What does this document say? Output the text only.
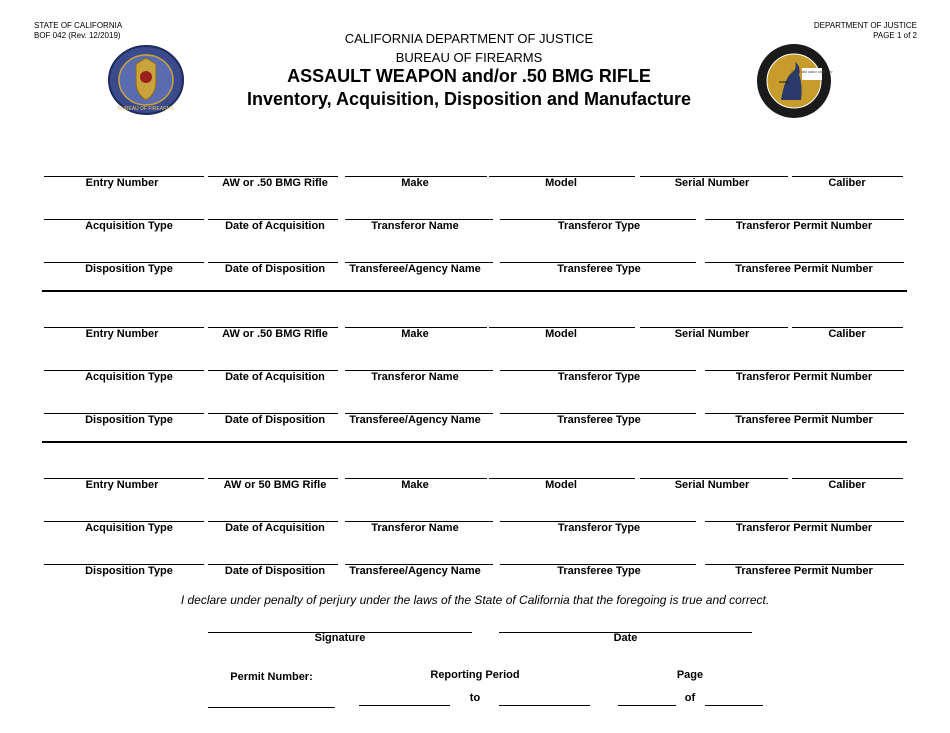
STATE OF CALIFORNIA
BOF 042 (Rev. 12/2019)
DEPARTMENT OF JUSTICE
PAGE 1 of 2
CALIFORNIA DEPARTMENT OF JUSTICE
BUREAU OF FIREARMS
ASSAULT WEAPON and/or .50 BMG RIFLE
Inventory, Acquisition, Disposition and Manufacture
BUREAU OF FIREARMS
liberty and justice under law
Entry Number	AW or .50 BMG Rifle	Make	Model	Serial Number	Caliber
Acquisition Type	Date of Acquisition	Transferor Name	Transferor Type	Transferor Permit Number
Disposition Type	Date of Disposition	Transferee/Agency Name	Transferee Type	Transferee Permit Number
Entry Number	AW or .50 BMG RIfle	Make	Model	Serial Number	Caliber
Acquisition Type	Date of Acquisition	Transferor Name	Transferor Type	Transferor Permit Number
Disposition Type	Date of Disposition	Transferee/Agency Name	Transferee Type	Transferee Permit Number
Entry Number	AW or 50 BMG Rifle	Make	Model	Serial Number	Caliber
Acquisition Type	Date of Acquisition	Transferor Name	Transferor Type	Transferor Permit Number
Disposition Type	Date of Disposition	Transferee/Agency Name	Transferee Type	Transferee Permit Number
I declare under penalty of perjury under the laws of the State of California that the foregoing is true and correct.
Signature	Date
Permit Number:	Reporting Period
to
Page
of
